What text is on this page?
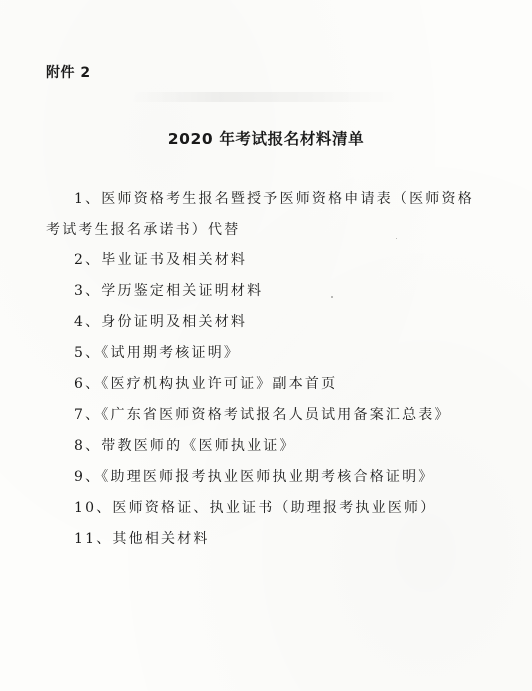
附件 2
2020 年考试报名材料清单
1、医师资格考生报名暨授予医师资格申请表（医师资格考试考生报名承诺书）代替
2、毕业证书及相关材料
3、学历鉴定相关证明材料
4、身份证明及相关材料
5、《试用期考核证明》
6、《医疗机构执业许可证》副本首页
7、《广东省医师资格考试报名人员试用备案汇总表》
8、带教医师的《医师执业证》
9、《助理医师报考执业医师执业期考核合格证明》
10、医师资格证、执业证书（助理报考执业医师）
11、其他相关材料
